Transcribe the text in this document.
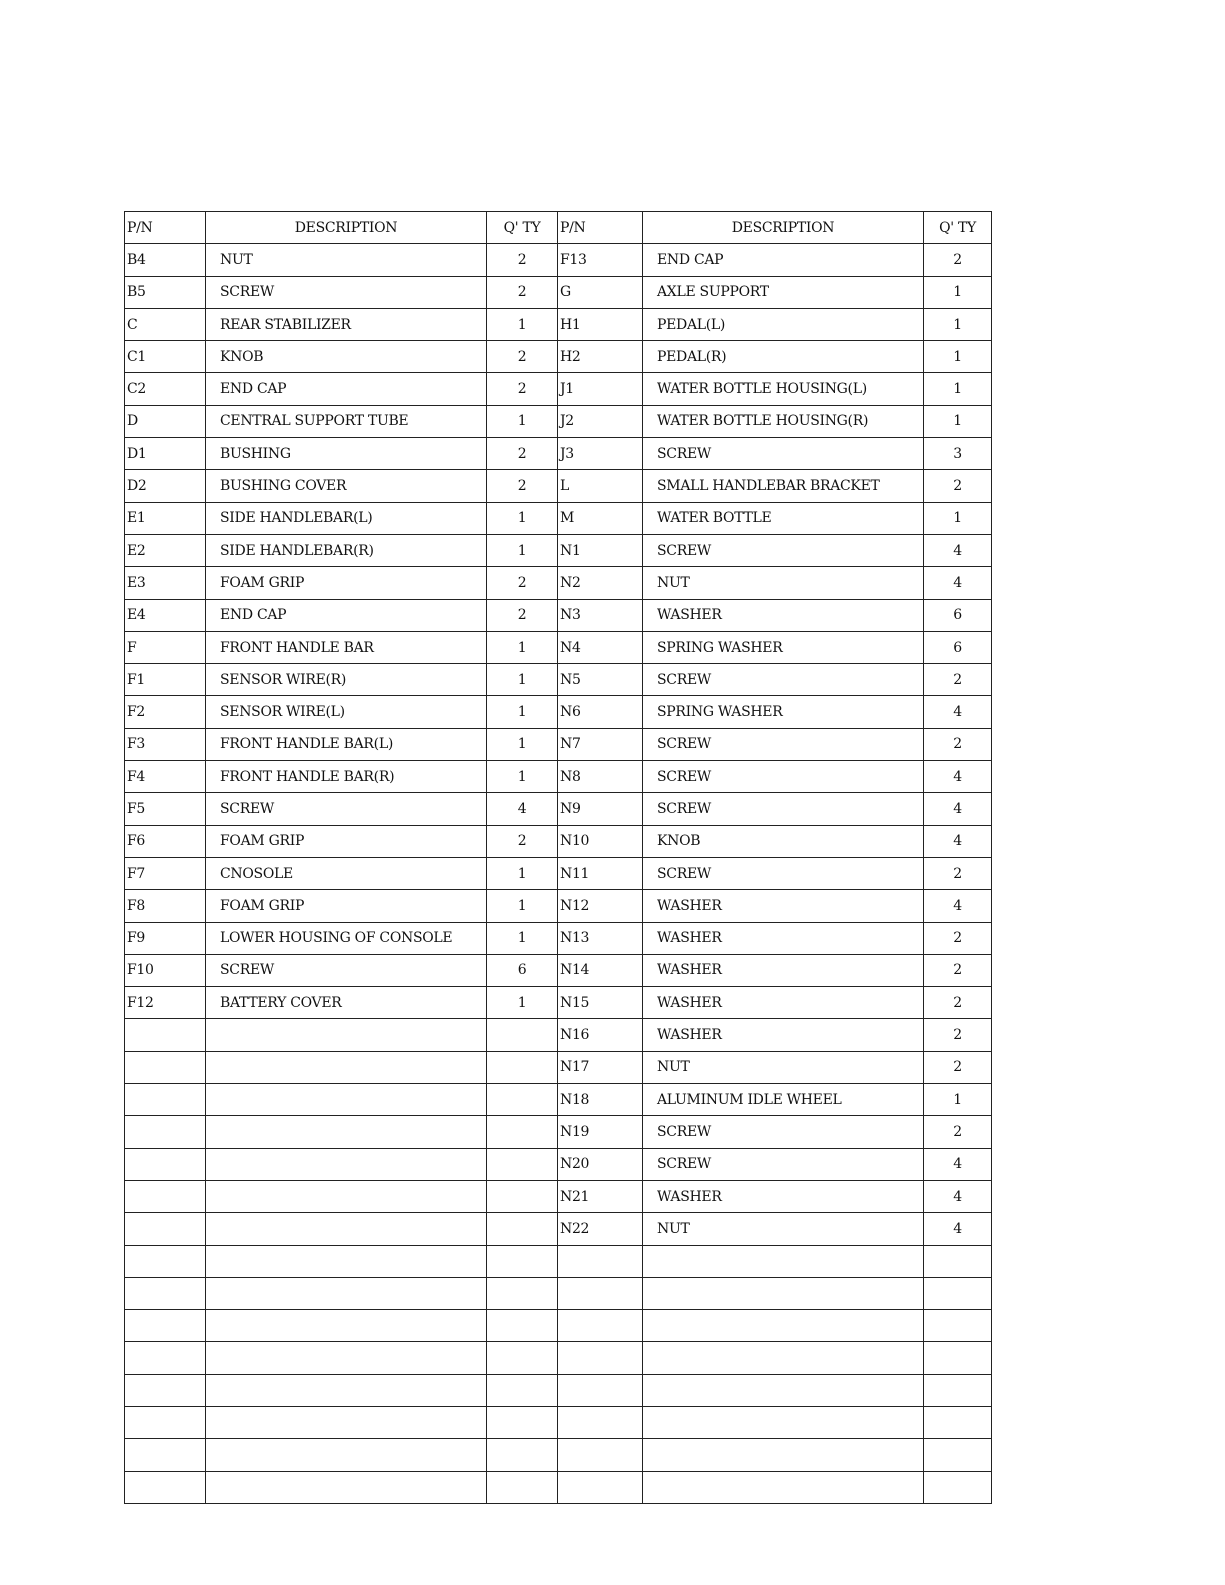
P/N	DESCRIPTION	Q' TY	P/N	DESCRIPTION	Q' TY
B4	NUT	2	F13	END CAP	2
B5	SCREW	2	G	AXLE SUPPORT	1
C	REAR STABILIZER	1	H1	PEDAL(L)	1
C1	KNOB	2	H2	PEDAL(R)	1
C2	END CAP	2	J1	WATER BOTTLE HOUSING(L)	1
D	CENTRAL SUPPORT TUBE	1	J2	WATER BOTTLE HOUSING(R)	1
D1	BUSHING	2	J3	SCREW	3
D2	BUSHING COVER	2	L	SMALL HANDLEBAR BRACKET	2
E1	SIDE HANDLEBAR(L)	1	M	WATER BOTTLE	1
E2	SIDE HANDLEBAR(R)	1	N1	SCREW	4
E3	FOAM GRIP	2	N2	NUT	4
E4	END CAP	2	N3	WASHER	6
F	FRONT HANDLE BAR	1	N4	SPRING WASHER	6
F1	SENSOR WIRE(R)	1	N5	SCREW	2
F2	SENSOR WIRE(L)	1	N6	SPRING WASHER	4
F3	FRONT HANDLE BAR(L)	1	N7	SCREW	2
F4	FRONT HANDLE BAR(R)	1	N8	SCREW	4
F5	SCREW	4	N9	SCREW	4
F6	FOAM GRIP	2	N10	KNOB	4
F7	CNOSOLE	1	N11	SCREW	2
F8	FOAM GRIP	1	N12	WASHER	4
F9	LOWER HOUSING OF CONSOLE	1	N13	WASHER	2
F10	SCREW	6	N14	WASHER	2
F12	BATTERY COVER	1	N15	WASHER	2
			N16	WASHER	2
			N17	NUT	2
			N18	ALUMINUM IDLE WHEEL	1
			N19	SCREW	2
			N20	SCREW	4
			N21	WASHER	4
			N22	NUT	4
